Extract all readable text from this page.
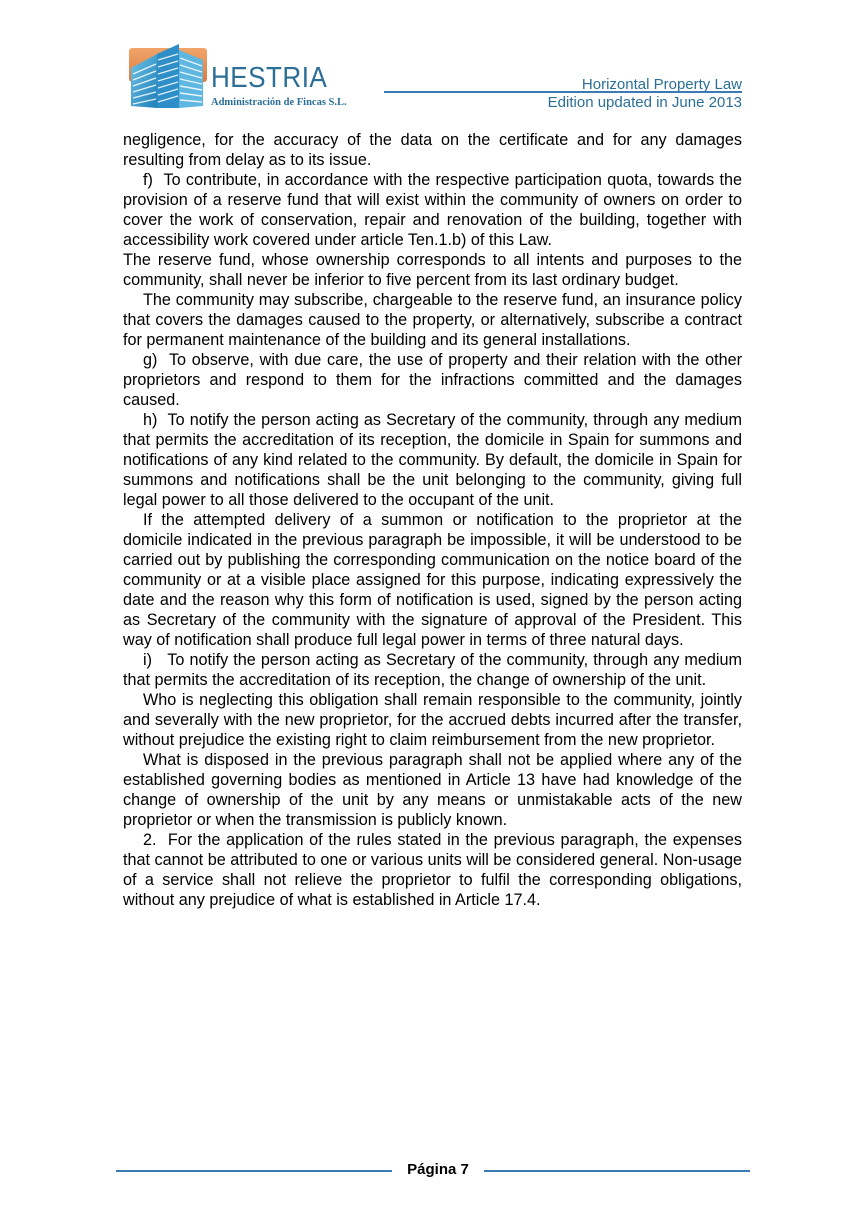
HESTRIA
Administración de Fincas S.L.
Horizontal Property Law
Edition updated in June 2013

negligence, for the accuracy of the data on the certificate and for any damages resulting from delay as to its issue.

f)  To contribute, in accordance with the respective participation quota, towards the provision of a reserve fund that will exist within the community of owners on order to cover the work of conservation, repair and renovation of the building, together with accessibility work covered under article Ten.1.b) of this Law.

The reserve fund, whose ownership corresponds to all intents and purposes to the community, shall never be inferior to five percent from its last ordinary budget.

The community may subscribe, chargeable to the reserve fund, an insurance policy that covers the damages caused to the property, or alternatively, subscribe a contract for permanent maintenance of the building and its general installations.

g)  To observe, with due care, the use of property and their relation with the other proprietors and respond to them for the infractions committed and the damages caused.

h)  To notify the person acting as Secretary of the community, through any medium that permits the accreditation of its reception, the domicile in Spain for summons and notifications of any kind related to the community. By default, the domicile in Spain for summons and notifications shall be the unit belonging to the community, giving full legal power to all those delivered to the occupant of the unit.

If the attempted delivery of a summon or notification to the proprietor at the domicile indicated in the previous paragraph be impossible, it will be understood to be carried out by publishing the corresponding communication on the notice board of the community or at a visible place assigned for this purpose, indicating expressively the date and the reason why this form of notification is used, signed by the person acting as Secretary of the community with the signature of approval of the President. This way of notification shall produce full legal power in terms of three natural days.

i)   To notify the person acting as Secretary of the community, through any medium that permits the accreditation of its reception, the change of ownership of the unit.

Who is neglecting this obligation shall remain responsible to the community, jointly and severally with the new proprietor, for the accrued debts incurred after the transfer, without prejudice the existing right to claim reimbursement from the new proprietor.

What is disposed in the previous paragraph shall not be applied where any of the established governing bodies as mentioned in Article 13 have had knowledge of the change of ownership of the unit by any means or unmistakable acts of the new proprietor or when the transmission is publicly known.

2.  For the application of the rules stated in the previous paragraph, the expenses that cannot be attributed to one or various units will be considered general. Non-usage of a service shall not relieve the proprietor to fulfil the corresponding obligations, without any prejudice of what is established in Article 17.4.

Página 7
